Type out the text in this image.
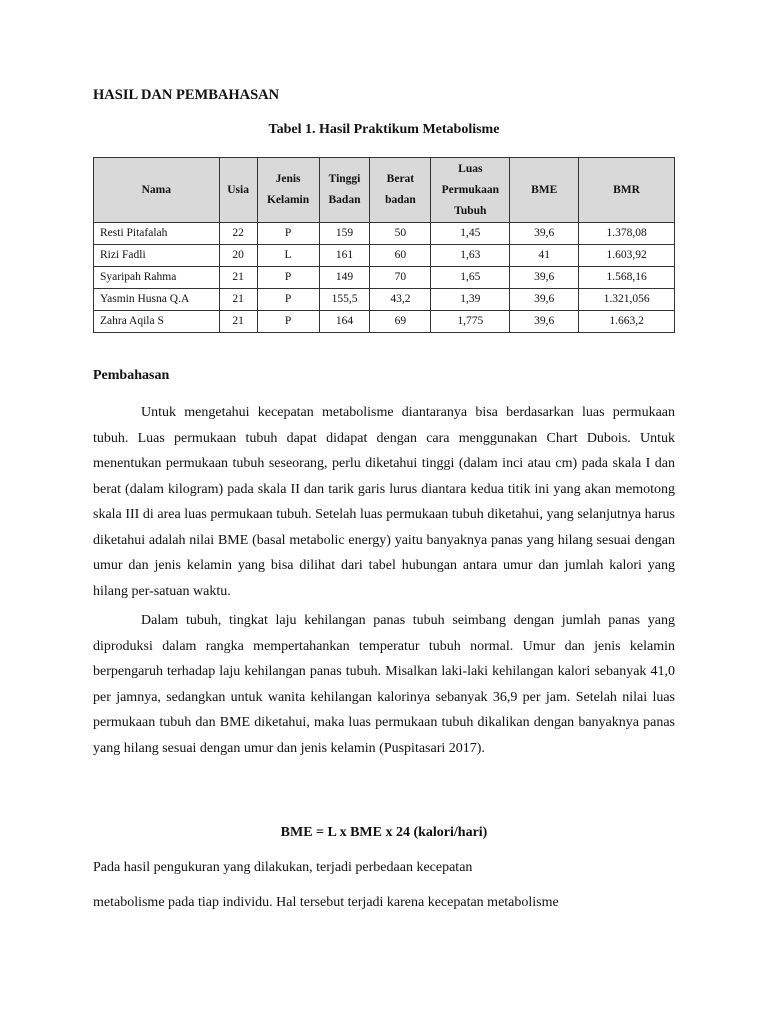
HASIL DAN PEMBAHASAN
Tabel 1. Hasil Praktikum Metabolisme
Nama	Usia	Jenis Kelamin	Tinggi Badan	Berat badan	Luas Permukaan Tubuh	BME	BMR
Resti Pitafalah	22	P	159	50	1,45	39,6	1.378,08
Rizi Fadli	20	L	161	60	1,63	41	1.603,92
Syaripah Rahma	21	P	149	70	1,65	39,6	1.568,16
Yasmin Husna Q.A	21	P	155,5	43,2	1,39	39,6	1.321,056
Zahra Aqila S	21	P	164	69	1,775	39,6	1.663,2
Pembahasan

Untuk mengetahui kecepatan metabolisme diantaranya bisa berdasarkan luas permukaan tubuh. Luas permukaan tubuh dapat didapat dengan cara menggunakan Chart Dubois. Untuk menentukan permukaan tubuh seseorang, perlu diketahui tinggi (dalam inci atau cm) pada skala I dan berat (dalam kilogram) pada skala II dan tarik garis lurus diantara kedua titik ini yang akan memotong skala III di area luas permukaan tubuh. Setelah luas permukaan tubuh diketahui, yang selanjutnya harus diketahui adalah nilai BME (basal metabolic energy) yaitu banyaknya panas yang hilang sesuai dengan umur dan jenis kelamin yang bisa dilihat dari tabel hubungan antara umur dan jumlah kalori yang hilang per-satuan waktu.

Dalam tubuh, tingkat laju kehilangan panas tubuh seimbang dengan jumlah panas yang diproduksi dalam rangka mempertahankan temperatur tubuh normal. Umur dan jenis kelamin berpengaruh terhadap laju kehilangan panas tubuh. Misalkan laki-laki kehilangan kalori sebanyak 41,0 per jamnya, sedangkan untuk wanita kehilangan kalorinya sebanyak 36,9 per jam. Setelah nilai luas permukaan tubuh dan BME diketahui, maka luas permukaan tubuh dikalikan dengan banyaknya panas yang hilang sesuai dengan umur dan jenis kelamin (Puspitasari 2017).

BME = L x BME x 24 (kalori/hari)
Pada hasil pengukuran yang dilakukan, terjadi perbedaan kecepatan
metabolisme pada tiap individu. Hal tersebut terjadi karena kecepatan metabolisme
